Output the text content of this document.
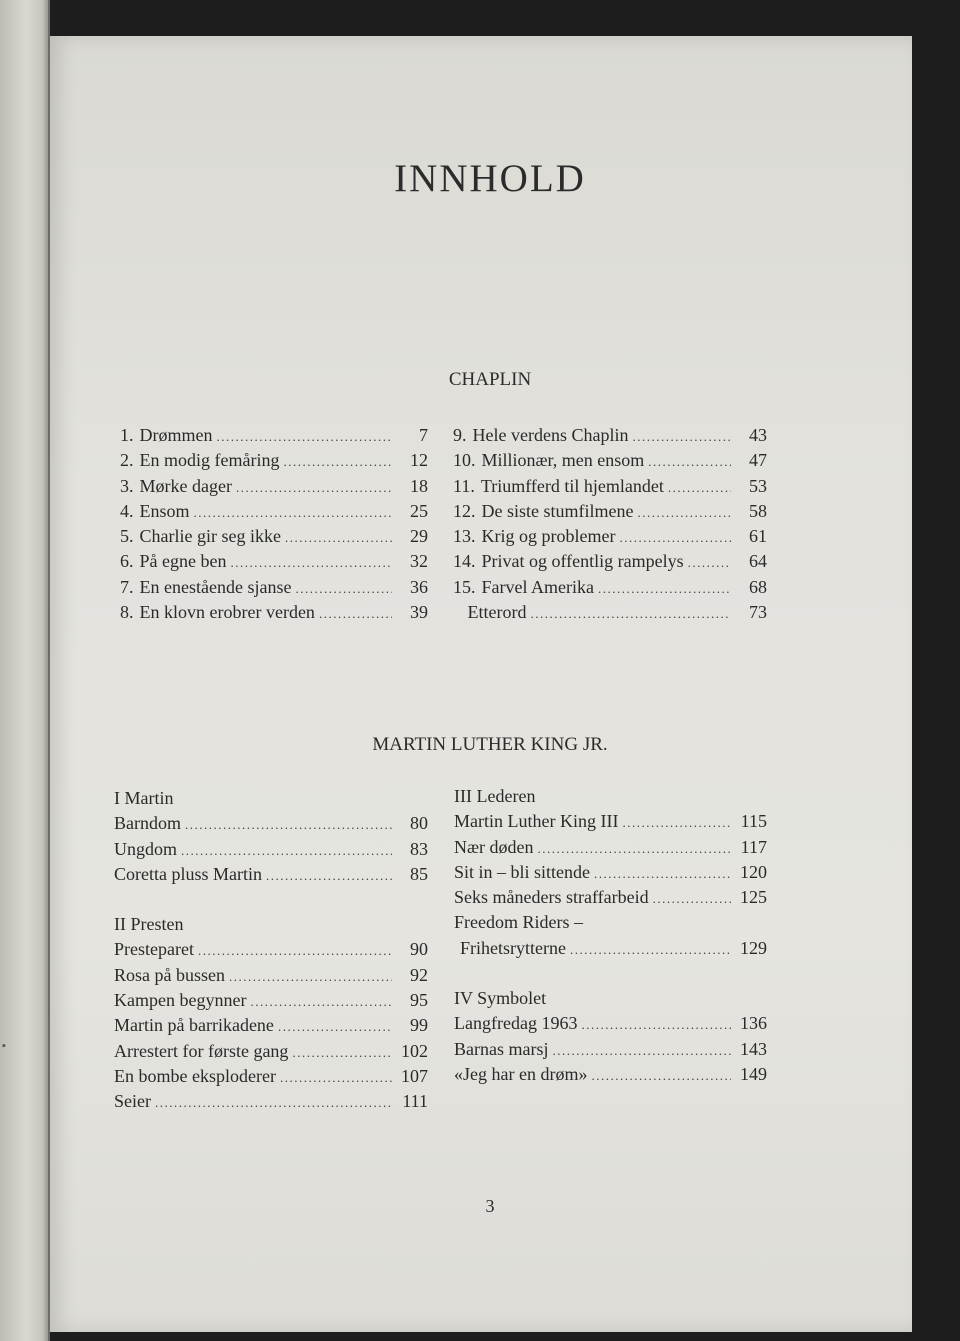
▪
INNHOLD
CHAPLIN
1. Drømmen .....	7
2. En modig femåring .....	12
3. Mørke dager .....	18
4. Ensom .....	25
5. Charlie gir seg ikke .....	29
6. På egne ben .....	32
7. En enestående sjanse .....	36
8. En klovn erobrer verden .....	39
9. Hele verdens Chaplin .....	43
10. Millionær, men ensom .....	47
11. Triumfferd til hjemlandet .....	53
12. De siste stumfilmene .....	58
13. Krig og problemer .....	61
14. Privat og offentlig rampelys .....	64
15. Farvel Amerika .....	68
Etterord .....	73
MARTIN LUTHER KING JR.
I Martin
Barndom .....	80
Ungdom .....	83
Coretta pluss Martin .....	85
II Presten
Presteparet .....	90
Rosa på bussen .....	92
Kampen begynner .....	95
Martin på barrikadene .....	99
Arrestert for første gang .....	102
En bombe eksploderer .....	107
Seier .....	111
III Lederen
Martin Luther King III .....	115
Nær døden .....	117
Sit in – bli sittende .....	120
Seks måneders straffarbeid .....	125
Freedom Riders –
Frihetsrytterne .....	129
IV Symbolet
Langfredag 1963 .....	136
Barnas marsj .....	143
«Jeg har en drøm» .....	149
3
